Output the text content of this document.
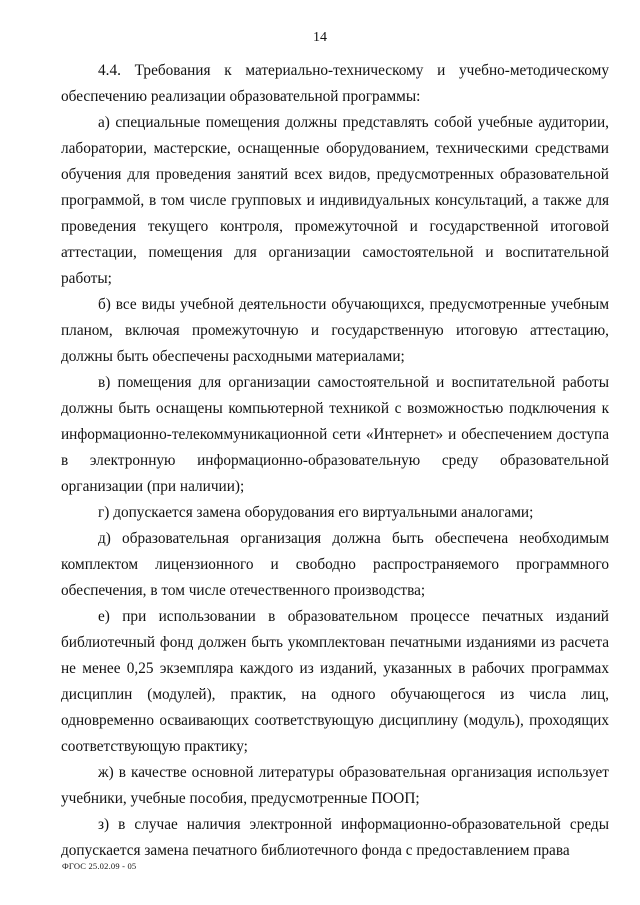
14

4.4. Требования к материально-техническому и учебно-методическому обеспечению реализации образовательной программы:

а) специальные помещения должны представлять собой учебные аудитории, лаборатории, мастерские, оснащенные оборудованием, техническими средствами обучения для проведения занятий всех видов, предусмотренных образовательной программой, в том числе групповых и индивидуальных консультаций, а также для проведения текущего контроля, промежуточной и государственной итоговой аттестации, помещения для организации самостоятельной и воспитательной работы;

б) все виды учебной деятельности обучающихся, предусмотренные учебным планом, включая промежуточную и государственную итоговую аттестацию, должны быть обеспечены расходными материалами;

в) помещения для организации самостоятельной и воспитательной работы должны быть оснащены компьютерной техникой с возможностью подключения к информационно-телекоммуникационной сети «Интернет» и обеспечением доступа в электронную информационно-образовательную среду образовательной организации (при наличии);

г) допускается замена оборудования его виртуальными аналогами;

д) образовательная организация должна быть обеспечена необходимым комплектом лицензионного и свободно распространяемого программного обеспечения, в том числе отечественного производства;

е) при использовании в образовательном процессе печатных изданий библиотечный фонд должен быть укомплектован печатными изданиями из расчета не менее 0,25 экземпляра каждого из изданий, указанных в рабочих программах дисциплин (модулей), практик, на одного обучающегося из числа лиц, одновременно осваивающих соответствующую дисциплину (модуль), проходящих соответствующую практику;

ж) в качестве основной литературы образовательная организация использует учебники, учебные пособия, предусмотренные ПООП;

з) в случае наличия электронной информационно-образовательной среды допускается замена печатного библиотечного фонда с предоставлением права

ФГОС 25.02.09 - 05
